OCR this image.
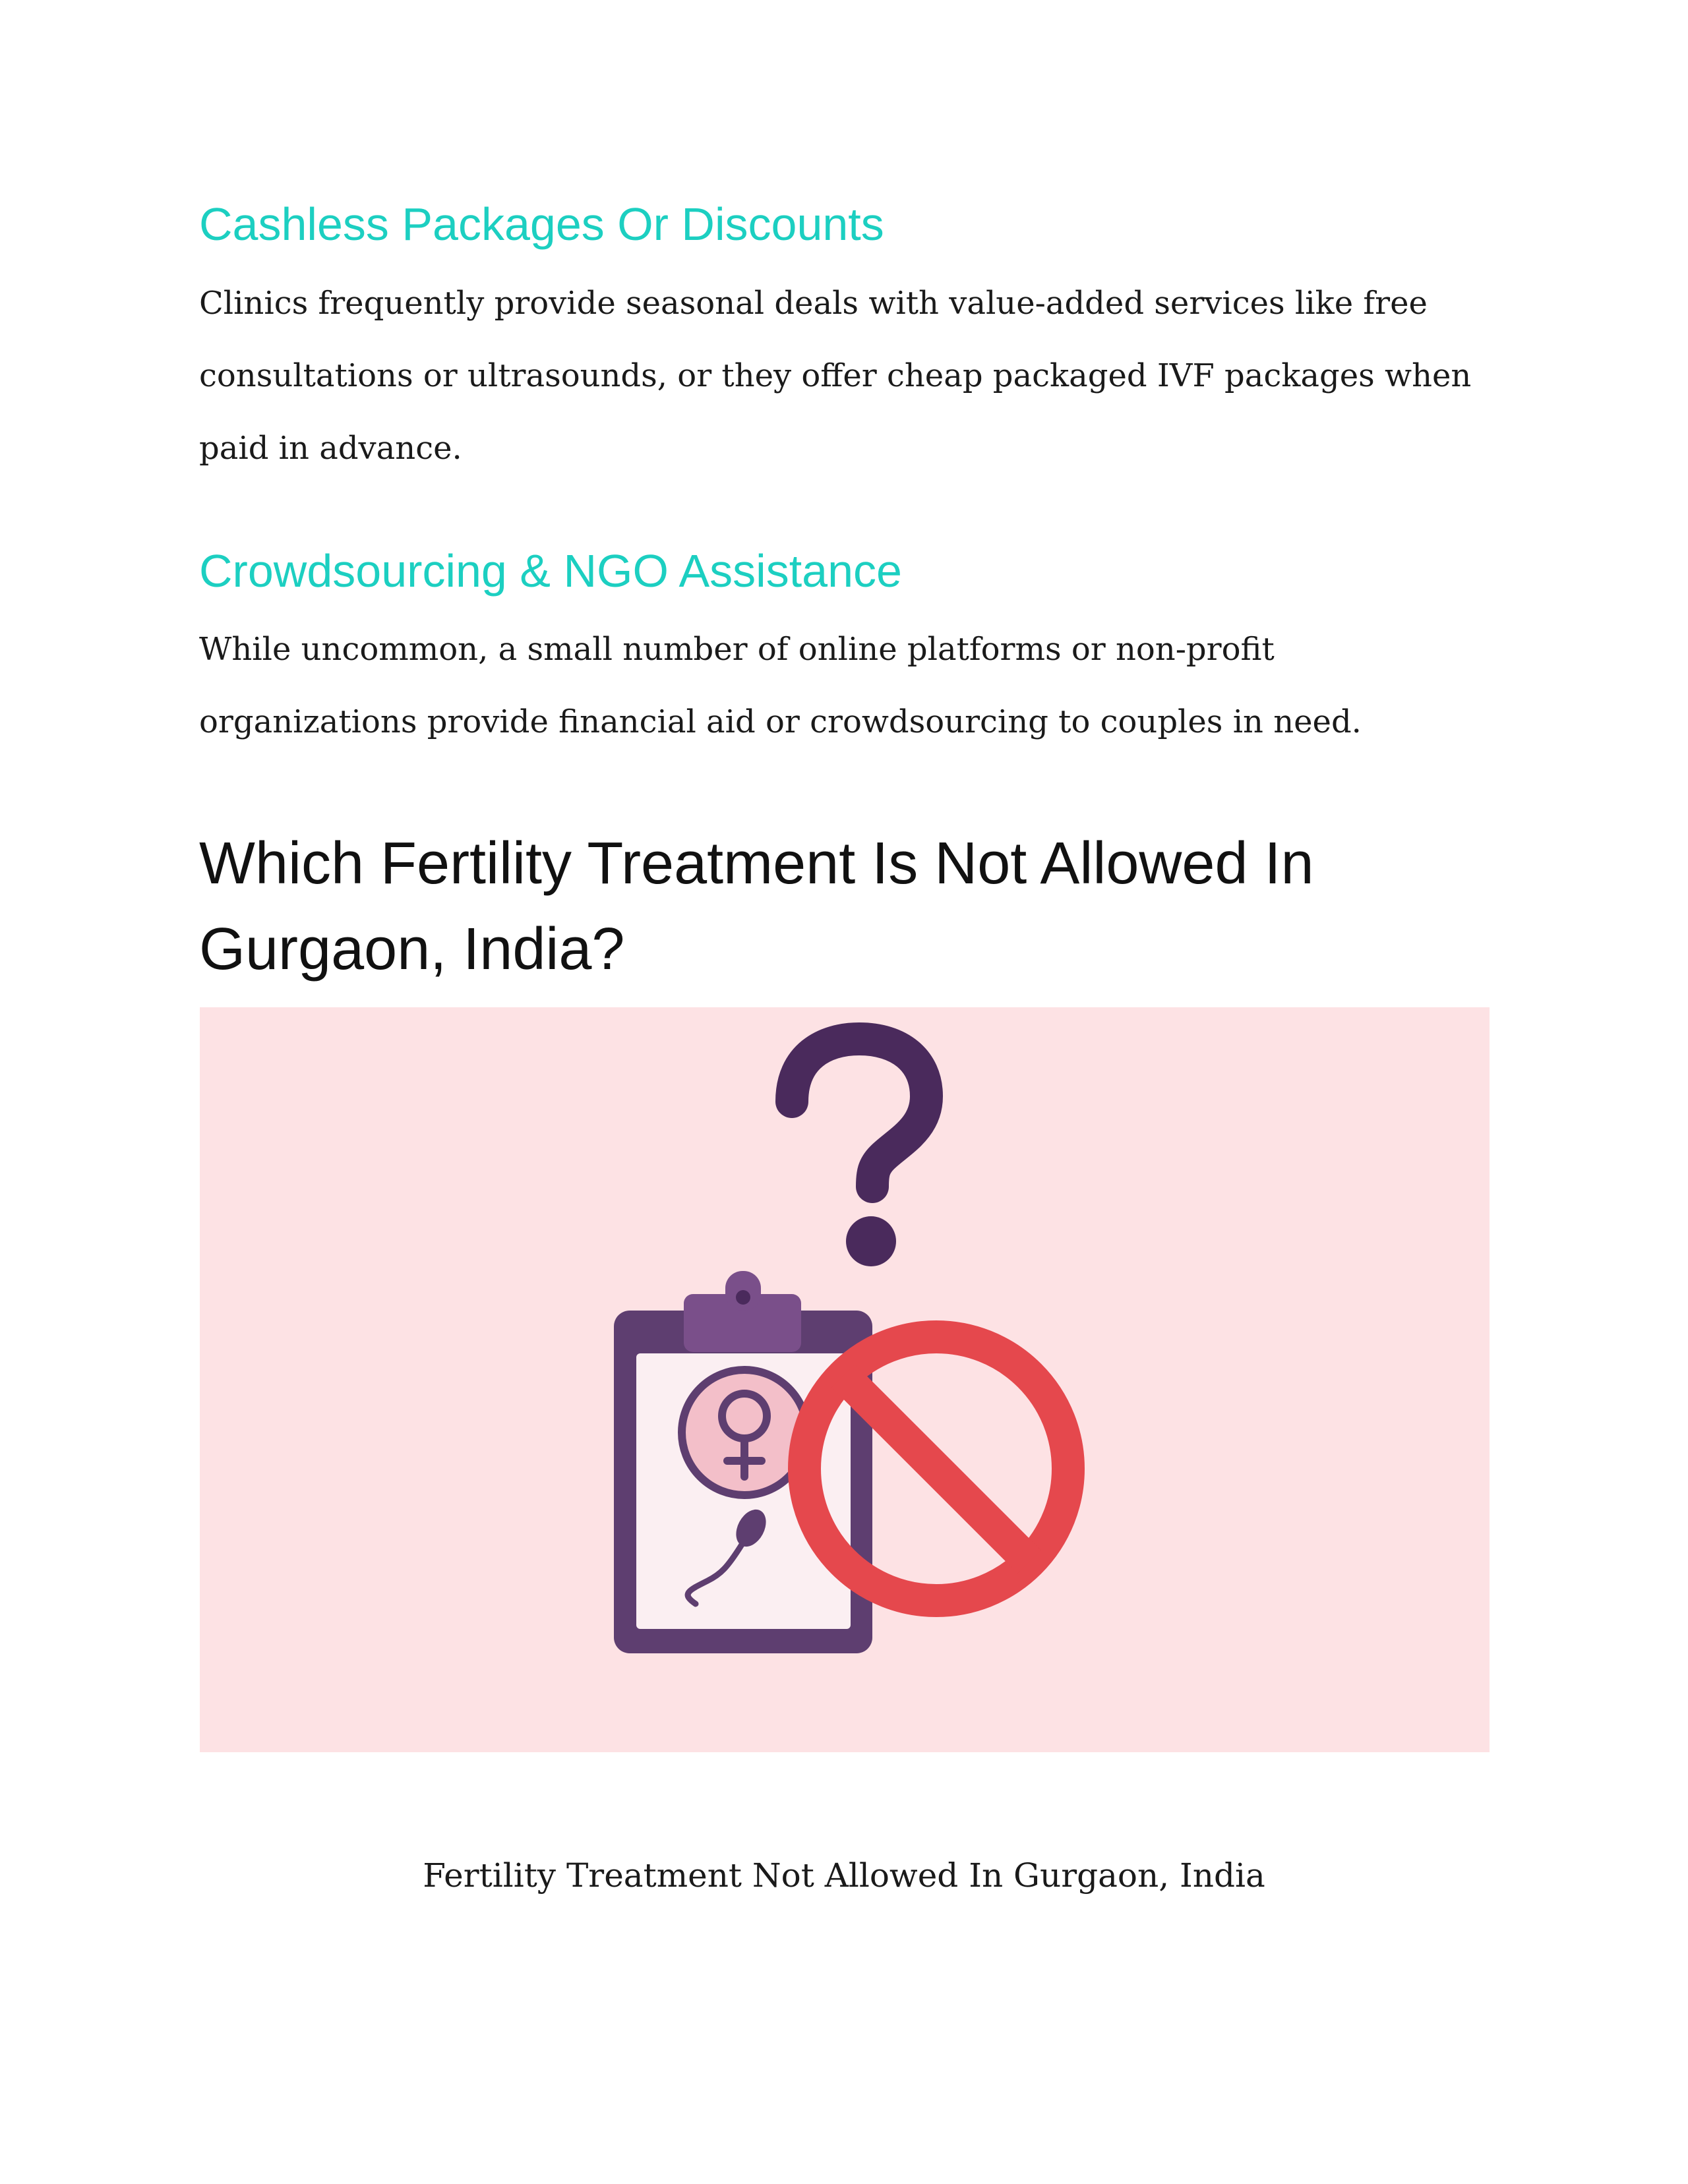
Cashless Packages Or Discounts

Clinics frequently provide seasonal deals with value-added services like free
consultations or ultrasounds, or they offer cheap packaged IVF packages when
paid in advance.

Crowdsourcing & NGO Assistance

While uncommon, a small number of online platforms or non-profit
organizations provide financial aid or crowdsourcing to couples in need.

Which Fertility Treatment Is Not Allowed In
Gurgaon, India?

Fertility Treatment Not Allowed In Gurgaon, India
